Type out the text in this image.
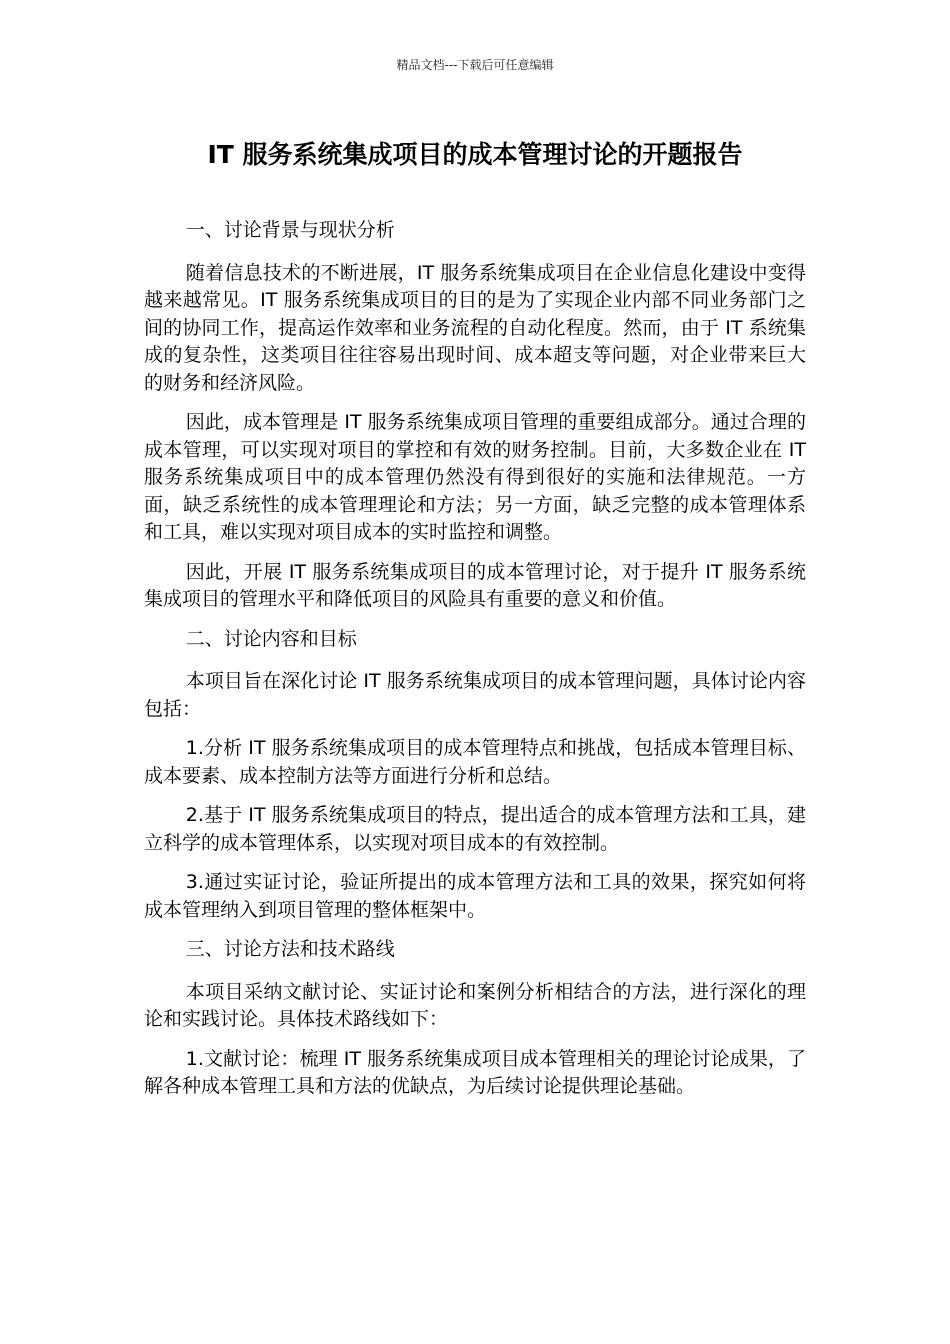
精品文档---下载后可任意编辑
IT 服务系统集成项目的成本管理讨论的开题报告

一、讨论背景与现状分析

随着信息技术的不断进展，IT 服务系统集成项目在企业信息化建设中变得越来越常见。IT 服务系统集成项目的目的是为了实现企业内部不同业务部门之间的协同工作，提高运作效率和业务流程的自动化程度。然而，由于 IT 系统集成的复杂性，这类项目往往容易出现时间、成本超支等问题，对企业带来巨大的财务和经济风险。

因此，成本管理是 IT 服务系统集成项目管理的重要组成部分。通过合理的成本管理，可以实现对项目的掌控和有效的财务控制。目前，大多数企业在 IT 服务系统集成项目中的成本管理仍然没有得到很好的实施和法律规范。一方面，缺乏系统性的成本管理理论和方法；另一方面，缺乏完整的成本管理体系和工具，难以实现对项目成本的实时监控和调整。

因此，开展 IT 服务系统集成项目的成本管理讨论，对于提升 IT 服务系统集成项目的管理水平和降低项目的风险具有重要的意义和价值。

二、讨论内容和目标

本项目旨在深化讨论 IT 服务系统集成项目的成本管理问题，具体讨论内容包括：

1.分析 IT 服务系统集成项目的成本管理特点和挑战，包括成本管理目标、成本要素、成本控制方法等方面进行分析和总结。

2.基于 IT 服务系统集成项目的特点，提出适合的成本管理方法和工具，建立科学的成本管理体系，以实现对项目成本的有效控制。

3.通过实证讨论，验证所提出的成本管理方法和工具的效果，探究如何将成本管理纳入到项目管理的整体框架中。

三、讨论方法和技术路线

本项目采纳文献讨论、实证讨论和案例分析相结合的方法，进行深化的理论和实践讨论。具体技术路线如下：

1.文献讨论：梳理 IT 服务系统集成项目成本管理相关的理论讨论成果，了解各种成本管理工具和方法的优缺点，为后续讨论提供理论基础。
